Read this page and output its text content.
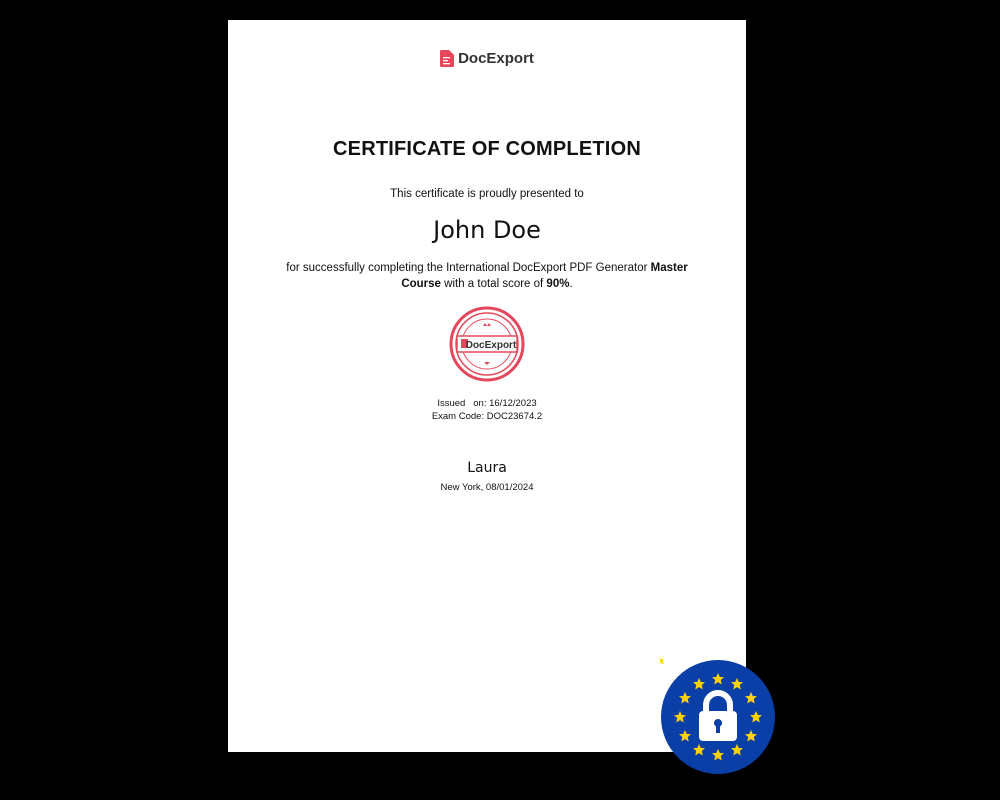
DocExport
CERTIFICATE OF COMPLETION
This certificate is proudly presented to
John Doe
for successfully completing the International DocExport PDF Generator Master Course with a total score of 90%.
DocExport
Issued   on: 16/12/2023
Exam Code: DOC23674.2
Laura
New York, 08/01/2024
